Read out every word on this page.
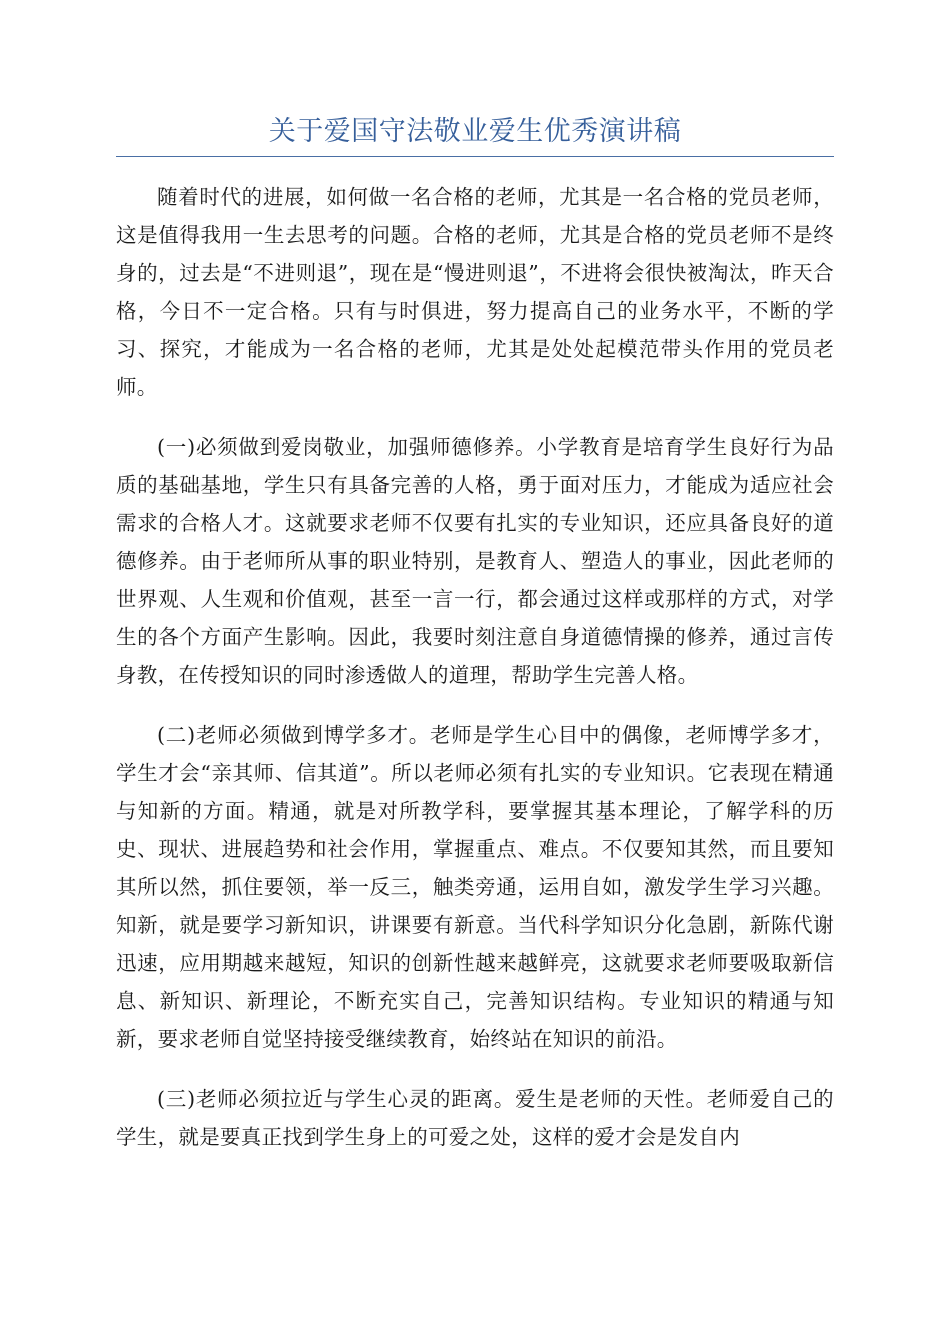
关于爱国守法敬业爱生优秀演讲稿

随着时代的进展，如何做一名合格的老师，尤其是一名合格的党员老师，这是值得我用一生去思考的问题。合格的老师，尤其是合格的党员老师不是终身的，过去是“不进则退”，现在是“慢进则退”，不进将会很快被淘汰，昨天合格，今日不一定合格。只有与时俱进，努力提高自己的业务水平，不断的学习、探究，才能成为一名合格的老师，尤其是处处起模范带头作用的党员老师。

(一)必须做到爱岗敬业，加强师德修养。小学教育是培育学生良好行为品质的基础基地，学生只有具备完善的人格，勇于面对压力，才能成为适应社会需求的合格人才。这就要求老师不仅要有扎实的专业知识，还应具备良好的道德修养。由于老师所从事的职业特别，是教育人、塑造人的事业，因此老师的世界观、人生观和价值观，甚至一言一行，都会通过这样或那样的方式，对学生的各个方面产生影响。因此，我要时刻注意自身道德情操的修养，通过言传身教，在传授知识的同时渗透做人的道理，帮助学生完善人格。

(二)老师必须做到博学多才。老师是学生心目中的偶像，老师博学多才，学生才会“亲其师、信其道”。所以老师必须有扎实的专业知识。它表现在精通与知新的方面。精通，就是对所教学科，要掌握其基本理论，了解学科的历史、现状、进展趋势和社会作用，掌握重点、难点。不仅要知其然，而且要知其所以然，抓住要领，举一反三，触类旁通，运用自如，激发学生学习兴趣。知新，就是要学习新知识，讲课要有新意。当代科学知识分化急剧，新陈代谢迅速，应用期越来越短，知识的创新性越来越鲜亮，这就要求老师要吸取新信息、新知识、新理论，不断充实自己，完善知识结构。专业知识的精通与知新，要求老师自觉坚持接受继续教育，始终站在知识的前沿。

(三)老师必须拉近与学生心灵的距离。爱生是老师的天性。老师爱自己的学生，就是要真正找到学生身上的可爱之处，这样的爱才会是发自内
